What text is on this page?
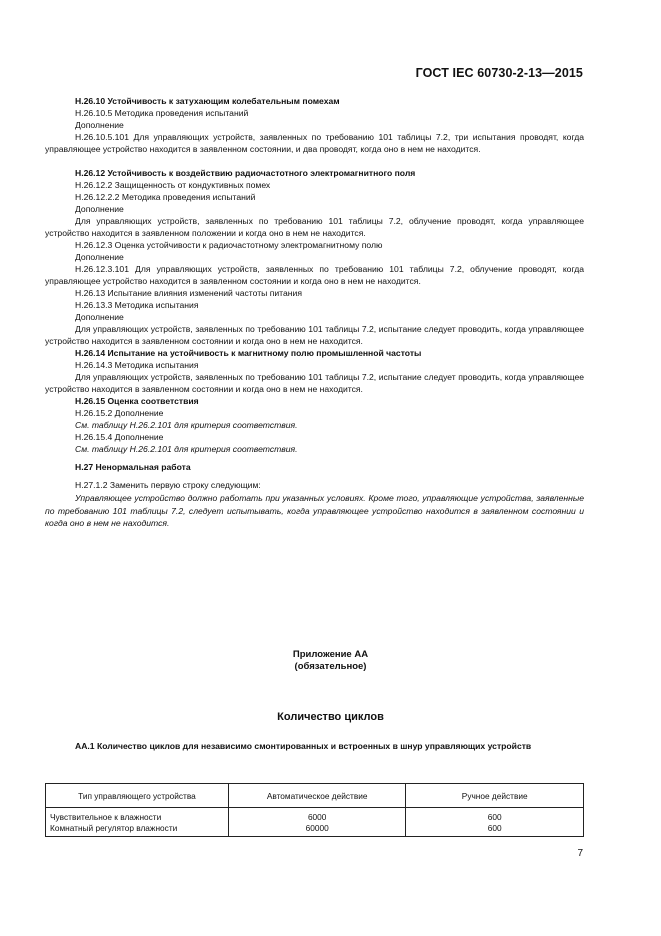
ГОСТ IEC 60730-2-13—2015
Н.26.10 Устойчивость к затухающим колебательным помехам
Н.26.10.5 Методика проведения испытаний
Дополнение
Н.26.10.5.101 Для управляющих устройств, заявленных по требованию 101 таблицы 7.2, три испытания проводят, когда управляющее устройство находится в заявленном состоянии, и два проводят, когда оно в нем не находится.
Н.26.12 Устойчивость к воздействию радиочастотного электромагнитного поля
Н.26.12.2 Защищенность от кондуктивных помех
Н.26.12.2.2 Методика проведения испытаний
Дополнение
Для управляющих устройств, заявленных по требованию 101 таблицы 7.2, облучение проводят, когда управляющее устройство находится в заявленном положении и когда оно в нем не находится.
Н.26.12.3 Оценка устойчивости к радиочастотному электромагнитному полю
Дополнение
Н.26.12.3.101 Для управляющих устройств, заявленных по требованию 101 таблицы 7.2, облучение проводят, когда управляющее устройство находится в заявленном состоянии и когда оно в нем не находится.
Н.26.13 Испытание влияния изменений частоты питания
Н.26.13.3 Методика испытания
Дополнение
Для управляющих устройств, заявленных по требованию 101 таблицы 7.2, испытание следует проводить, когда управляющее устройство находится в заявленном состоянии и когда оно в нем не находится.
Н.26.14 Испытание на устойчивость к магнитному полю промышленной частоты
Н.26.14.3 Методика испытания
Для управляющих устройств, заявленных по требованию 101 таблицы 7.2, испытание следует проводить, когда управляющее устройство находится в заявленном состоянии и когда оно в нем не находится.
Н.26.15 Оценка соответствия
Н.26.15.2 Дополнение
См. таблицу Н.26.2.101 для критерия соответствия.
Н.26.15.4 Дополнение
См. таблицу Н.26.2.101 для критерия соответствия.
Н.27 Ненормальная работа
Н.27.1.2 Заменить первую строку следующим:
Управляющее устройство должно работать при указанных условиях. Кроме того, управляющие устройства, заявленные по требованию 101 таблицы 7.2, следует испытывать, когда управляющее устройство находится в заявленном состоянии и когда оно в нем не находится.
Приложение АА
(обязательное)
Количество циклов
АА.1 Количество циклов для независимо смонтированных и встроенных в шнур управляющих устройств
Тип управляющего устройства	Автоматическое действие	Ручное действие
Чувствительное к влажности	6000	600
Комнатный регулятор влажности	60000	600
7
